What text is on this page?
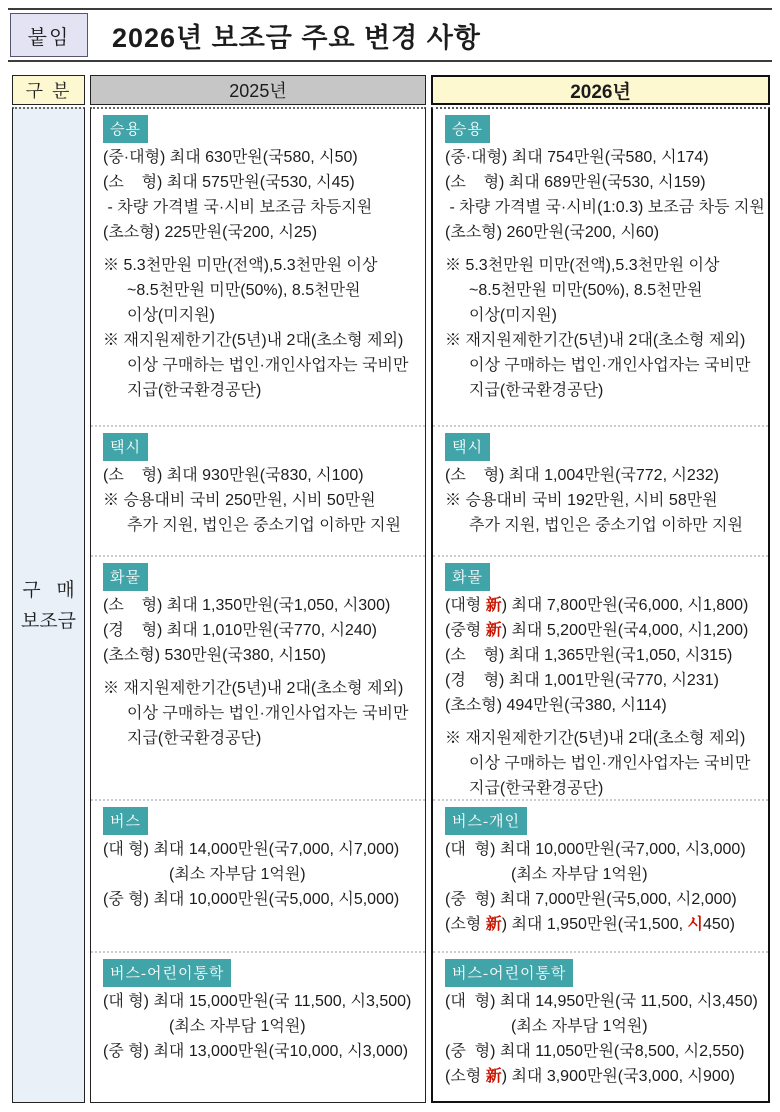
붙임 2026년 보조금 주요 변경 사항
구 분	2025년	2026년
구   매
보조금
승용
(중·대형) 최대 630만원(국580, 시50)
(소    형) 최대 575만원(국530, 시45)
- 차량 가격별 국·시비 보조금 차등지원
(초소형) 225만원(국200, 시25)
※ 5.3천만원 미만(전액),5.3천만원 이상
~8.5천만원 미만(50%), 8.5천만원
이상(미지원)
※ 재지원제한기간(5년)내 2대(초소형 제외)
이상 구매하는 법인·개인사업자는 국비만
지급(한국환경공단)
택시
(소    형) 최대 930만원(국830, 시100)
※ 승용대비 국비 250만원, 시비 50만원
추가 지원, 법인은 중소기업 이하만 지원
화물
(소    형) 최대 1,350만원(국1,050, 시300)
(경    형) 최대 1,010만원(국770, 시240)
(초소형) 530만원(국380, 시150)
※ 재지원제한기간(5년)내 2대(초소형 제외)
이상 구매하는 법인·개인사업자는 국비만
지급(한국환경공단)
버스
(대 형) 최대 14,000만원(국7,000, 시7,000)
(최소 자부담 1억원)
(중 형) 최대 10,000만원(국5,000, 시5,000)
버스-어린이통학
(대 형) 최대 15,000만원(국 11,500, 시3,500)
(최소 자부담 1억원)
(중 형) 최대 13,000만원(국10,000, 시3,000)
승용
(중·대형) 최대 754만원(국580, 시174)
(소    형) 최대 689만원(국530, 시159)
- 차량 가격별 국·시비(1:0.3) 보조금 차등 지원
(초소형) 260만원(국200, 시60)
※ 5.3천만원 미만(전액),5.3천만원 이상
~8.5천만원 미만(50%), 8.5천만원
이상(미지원)
※ 재지원제한기간(5년)내 2대(초소형 제외)
이상 구매하는 법인·개인사업자는 국비만
지급(한국환경공단)
택시
(소    형) 최대 1,004만원(국772, 시232)
※ 승용대비 국비 192만원, 시비 58만원
추가 지원, 법인은 중소기업 이하만 지원
화물
(대형 新) 최대 7,800만원(국6,000, 시1,800)
(중형 新) 최대 5,200만원(국4,000, 시1,200)
(소    형) 최대 1,365만원(국1,050, 시315)
(경    형) 최대 1,001만원(국770, 시231)
(초소형) 494만원(국380, 시114)
※ 재지원제한기간(5년)내 2대(초소형 제외)
이상 구매하는 법인·개인사업자는 국비만
지급(한국환경공단)
버스-개인
(대  형) 최대 10,000만원(국7,000, 시3,000)
(최소 자부담 1억원)
(중  형) 최대 7,000만원(국5,000, 시2,000)
(소형 新) 최대 1,950만원(국1,500, 시450)
버스-어린이통학
(대  형) 최대 14,950만원(국 11,500, 시3,450)
(최소 자부담 1억원)
(중  형) 최대 11,050만원(국8,500, 시2,550)
(소형 新) 최대 3,900만원(국3,000, 시900)
